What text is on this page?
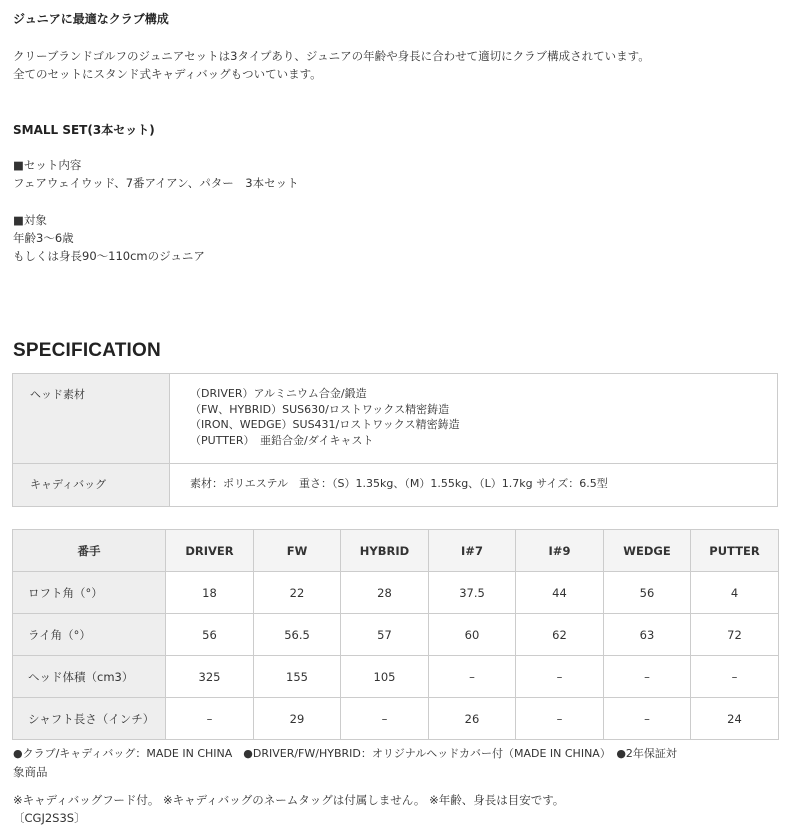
ジュニアに最適なクラブ構成
クリーブランドゴルフのジュニアセットは3タイプあり、ジュニアの年齢や身長に合わせて適切にクラブ構成されています。
全てのセットにスタンド式キャディバッグもついています。
SMALL SET(3本セット)
■セット内容
フェアウェイウッド、7番アイアン、パター　3本セット
■対象
年齢3～6歳
もしくは身長90～110cmのジュニア
SPECIFICATION
ヘッド素材	（DRIVER）アルミニウム合金/鍛造
（FW、HYBRID）SUS630/ロストワックス精密鋳造
（IRON、WEDGE）SUS431/ロストワックス精密鋳造
（PUTTER）　亜鉛合金/ダイキャスト

キャディバッグ	素材：ポリエステル　重さ：（S）1.35kg、（M）1.55kg、（L）1.7kg サイズ：6.5型
番手	DRIVER	FW	HYBRID	I#7	I#9	WEDGE	PUTTER
ロフト角（°）	18	22	28	37.5	44	56	4
ライ角（°）	56	56.5	57	60	62	63	72
ヘッド体積（cm3）	325	155	105	–	–	–	–
シャフト長さ（インチ）	–	29	–	26	–	–	24
●クラブ/キャディバッグ：MADE IN CHINA　●DRIVER/FW/HYBRID：オリジナルヘッドカバー付（MADE IN CHINA）　●2年保証対
象商品
※キャディバッグフード付。 ※キャディバッグのネームタッグは付属しません。 ※年齢、身長は目安です。
〔CGJ2S3S〕
